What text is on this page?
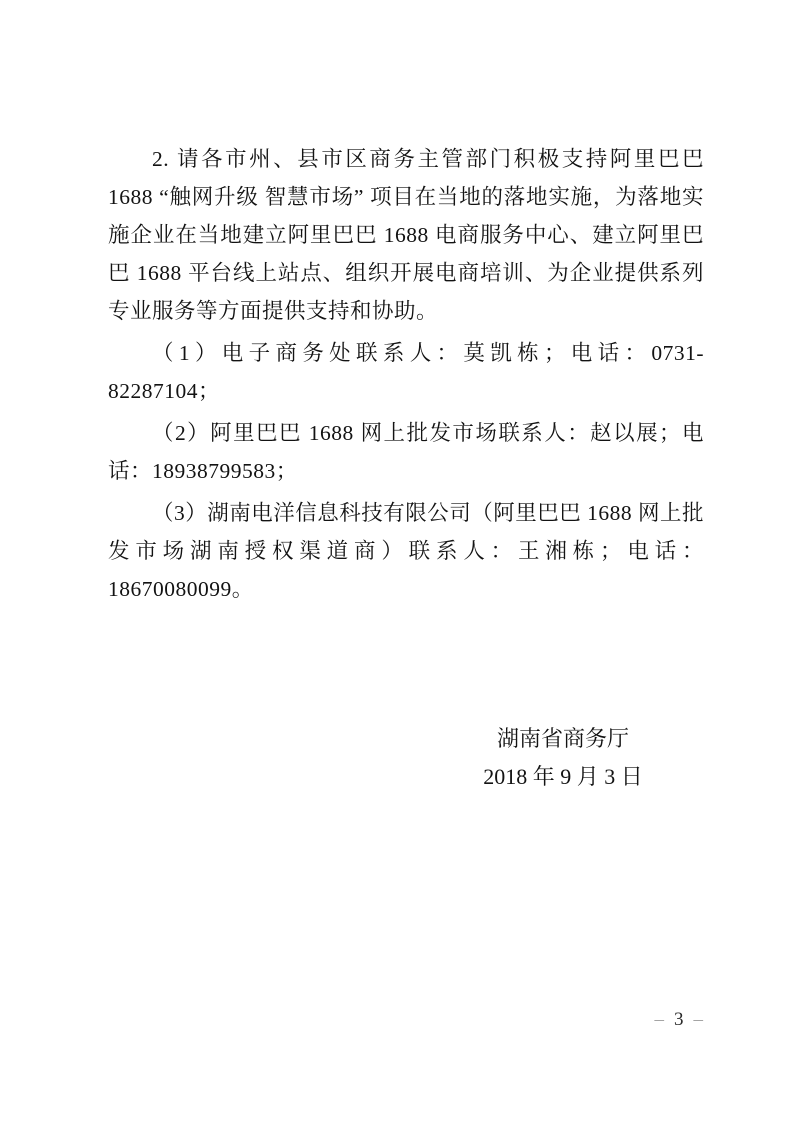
2. 请各市州、县市区商务主管部门积极支持阿里巴巴 1688 “触网升级 智慧市场” 项目在当地的落地实施，为落地实施企业在当地建立阿里巴巴 1688 电商服务中心、建立阿里巴巴 1688 平台线上站点、组织开展电商培训、为企业提供系列专业服务等方面提供支持和协助。

（1）电子商务处联系人：莫凯栋；电话：0731-82287104；

（2）阿里巴巴 1688 网上批发市场联系人：赵以展；电话：18938799583；

（3）湖南电洋信息科技有限公司（阿里巴巴 1688 网上批发市场湖南授权渠道商）联系人：王湘栋；电话：18670080099。

湖南省商务厅
2018 年 9 月 3 日
– 3 –
